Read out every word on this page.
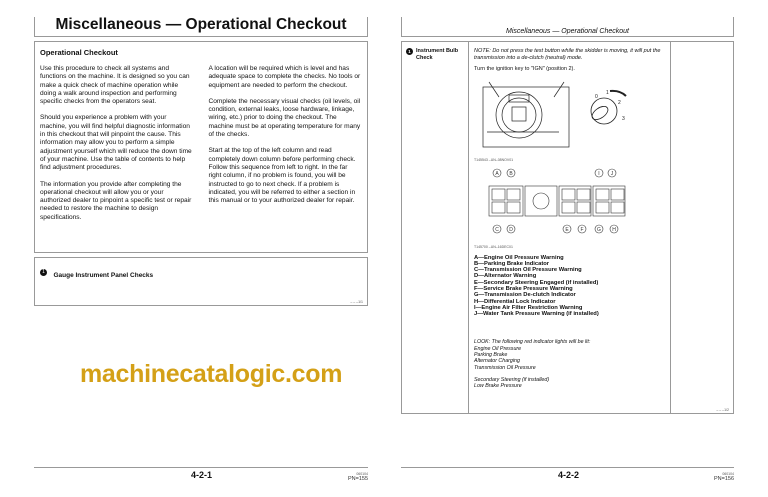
Miscellaneous — Operational Checkout
Operational Checkout

Use this procedure to check all systems and functions on the machine. It is designed so you can make a quick check of machine operation while doing a walk around inspection and performing specific checks from the operators seat.

Should you experience a problem with your machine, you will find helpful diagnostic information in this checkout that will pinpoint the cause. This information may allow you to perform a simple adjustment yourself which will reduce the down time of your machine. Use the table of contents to help find adjustment procedures.

The information you provide after completing the operational checkout will allow you or your authorized dealer to pinpoint a specific test or repair needed to restore the machine to design specifications.

A location will be required which is level and has adequate space to complete the checks. No tools or equipment are needed to perform the checkout.

Complete the necessary visual checks (oil levels, oil condition, external leaks, loose hardware, linkage, wiring, etc.) prior to doing the checkout. The machine must be at operating temperature for many of the checks.

Start at the top of the left column and read completely down column before performing check. Follow this sequence from left to right. In the far right column, if no problem is found, you will be instructed to go to next check. If a problem is indicated, you will be referred to either a section in this manual or to your authorized dealer for repair.

1 Gauge Instrument Panel Checks
– – –1/1
4-2-1	060104
PN=155
Miscellaneous — Operational Checkout
1 Instrument Bulb Check

NOTE: Do not press the test button while the skidder is moving, it will put the transmission into a de-clutch (neutral) mode.

Turn the ignition key to "IGN" (position 2).

0
1
2
3
T145543 –UN–08NOV01
A B
C D	E F	G H
I J
T145700 –UN–16DEC01
A—Engine Oil Pressure Warning
B—Parking Brake Indicator
C—Transmission Oil Pressure Warning
D—Alternator Warning
E—Secondary Steering Engaged (if installed)
F—Service Brake Pressure Warning
G—Transmission De-clutch Indicator
H—Differential Lock Indicator
I—Engine Air Filter Restriction Warning
J—Water Tank Pressure Warning (if installed)
LOOK: The following red indicator lights will be lit:
Engine Oil Pressure
Parking Brake
Alternator Charging
Transmission Oil Pressure
Secondary Steering (if installed)
Low Brake Pressure
– – –1/2
4-2-2	060104
PN=156
machinecatalogic.com
